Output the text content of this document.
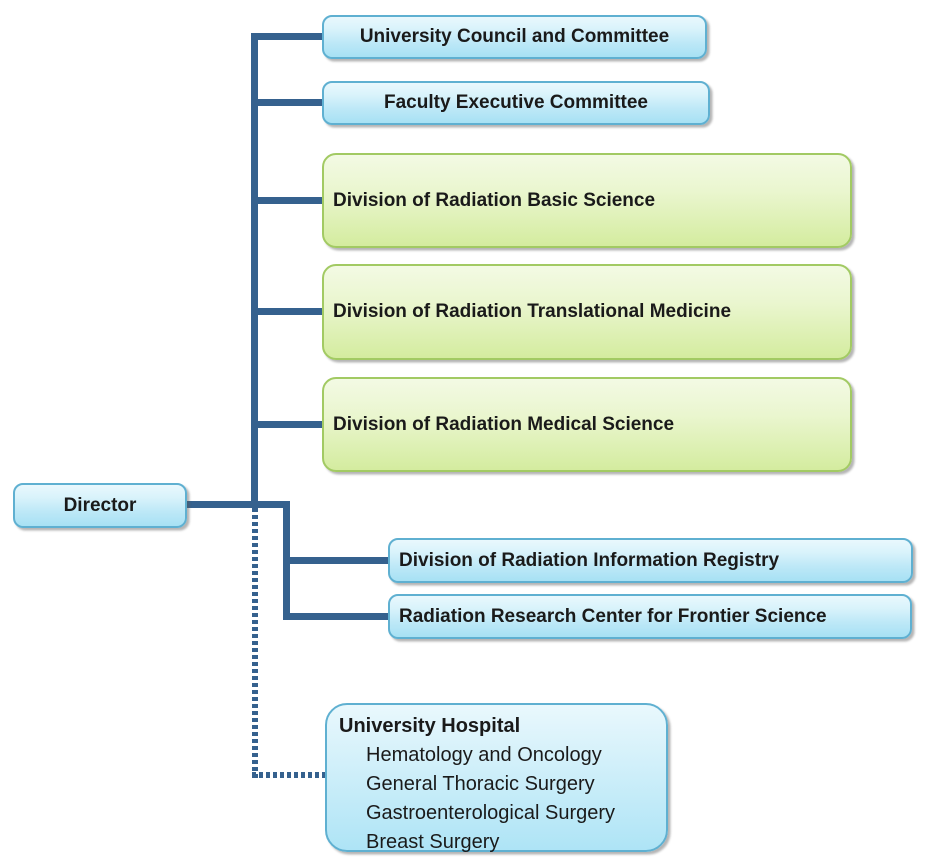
Director
University Council and Committee
Faculty Executive Committee
Division of Radiation Basic Science
Division of Radiation Translational Medicine
Division of Radiation Medical Science
Division of Radiation Information Registry
Radiation Research Center for Frontier Science
University Hospital
Hematology and Oncology
General Thoracic Surgery
Gastroenterological Surgery
Breast Surgery
